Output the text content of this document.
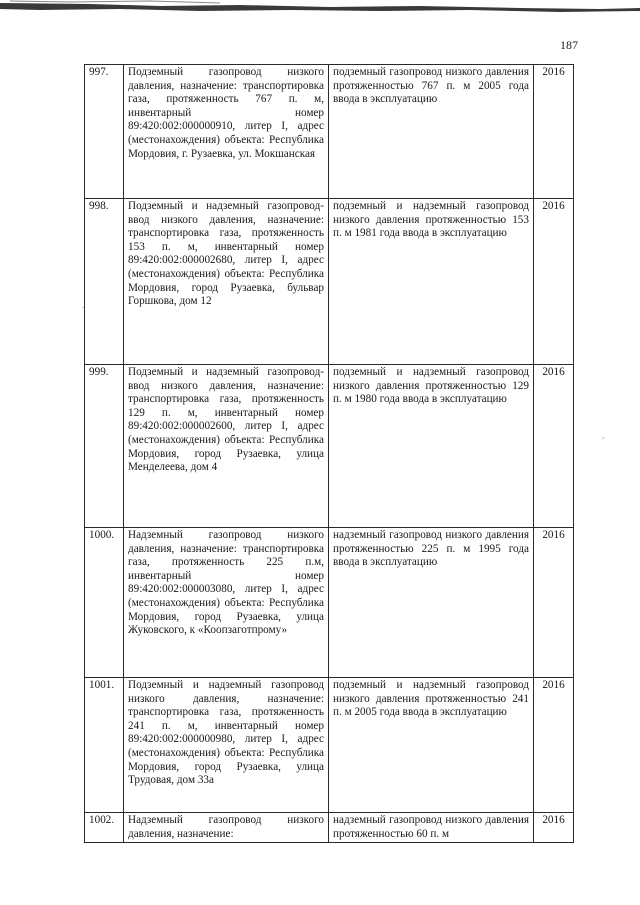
187
.
,
997.	Подземный газопровод низкого давления, назначение: транспортировка газа, протяженность 767 п. м, инвентарный номер 89:420:002:000000910, литер I, адрес (местонахождения) объекта: Республика Мордовия, г. Рузаевка, ул. Мокшанская	подземный газопровод низкого давления протяженностью 767 п. м 2005 года ввода в эксплуатацию	2016
998.	Подземный и надземный газопровод-ввод низкого давления, назначение: транспортировка газа, протяженность 153 п. м, инвентарный номер 89:420:002:000002680, литер I, адрес (местонахождения) объекта: Республика Мордовия, город Рузаевка, бульвар Горшкова, дом 12	подземный и надземный газопровод низкого давления протяженностью 153 п. м 1981 года ввода в эксплуатацию	2016
999.	Подземный и надземный газопровод-ввод низкого давления, назначение: транспортировка газа, протяженность 129 п. м, инвентарный номер 89:420:002:000002600, литер I, адрес (местонахождения) объекта: Республика Мордовия, город Рузаевка, улица Менделеева, дом 4	подземный и надземный газопровод низкого давления протяженностью 129 п. м 1980 года ввода в эксплуатацию	2016
1000.	Надземный газопровод низкого давления, назначение: транспортировка газа, протяженность 225 п.м, инвентарный номер 89:420:002:000003080, литер I, адрес (местонахождения) объекта: Республика Мордовия, город Рузаевка, улица Жуковского, к «Коопзаготпрому»	надземный газопровод низкого давления протяженностью 225 п. м 1995 года ввода в эксплуатацию	2016
1001.	Подземный и надземный газопровод низкого давления, назначение: транспортировка газа, протяженность 241 п. м, инвентарный номер 89:420:002:000000980, литер I, адрес (местонахождения) объекта: Республика Мордовия, город Рузаевка, улица Трудовая, дом 33а	подземный и надземный газопровод низкого давления протяженностью 241 п. м 2005 года ввода в эксплуатацию	2016
1002.	Надземный газопровод низкого давления, назначение:	надземный газопровод низкого давления протяженностью 60 п. м	2016
